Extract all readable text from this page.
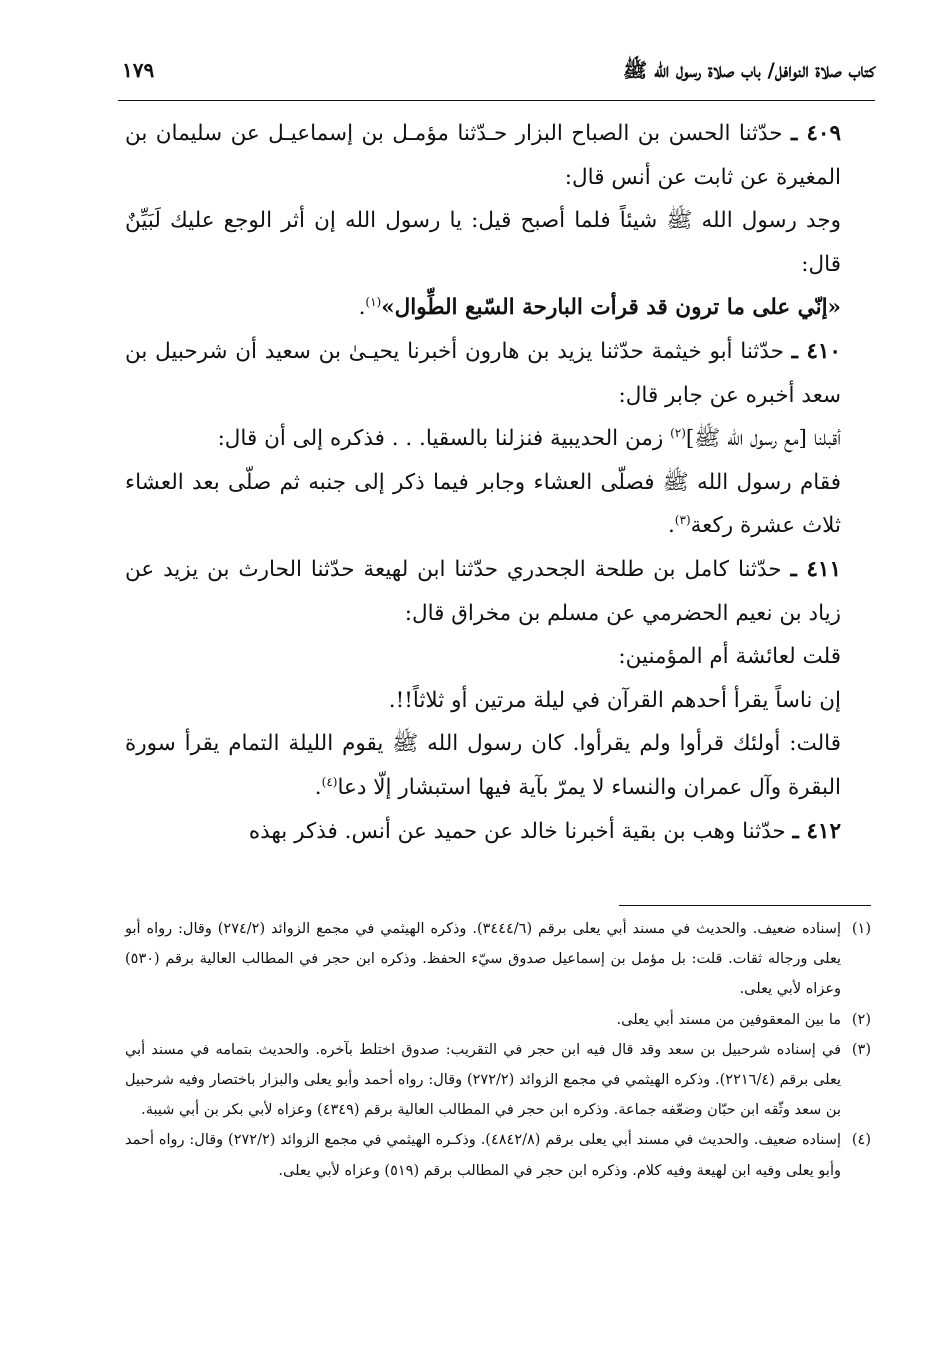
كتاب صلاة النوافل/ باب صلاة رسول الله ﷺ
١٧٩

٤٠٩ ـ حدّثنا الحسن بن الصباح البزار حـدّثنا مؤمـل بن إسماعيـل عن سليمان بن المغيرة عن ثابت عن أنس قال:

وجد رسول الله ﷺ شيئاً فلما أصبح قيل: يا رسول الله إن أثر الوجع عليك لَبَيِّنٌ قال:

«إنّي على ما ترون قد قرأت البارحة السّبع الطِّوال»$^{(١)}$.

٤١٠ ـ حدّثنا أبو خيثمة حدّثنا يزيد بن هارون أخبرنا يحيـىٰ بن سعيد أن شرحبيل بن سعد أخبره عن جابر قال:

أقبلنا [مع رسول الله ﷺ]$^{(٢)}$ زمن الحديبية فنزلنا بالسقيا. . . فذكره إلى أن قال:

فقام رسول الله ﷺ فصلّى العشاء وجابر فيما ذكر إلى جنبه ثم صلّى بعد العشاء ثلاث عشرة ركعة$^{(٣)}$.

٤١١ ـ حدّثنا كامل بن طلحة الجحدري حدّثنا ابن لهيعة حدّثنا الحارث بن يزيد عن زياد بن نعيم الحضرمي عن مسلم بن مخراق قال:

قلت لعائشة أم المؤمنين:

إن ناساً يقرأ أحدهم القرآن في ليلة مرتين أو ثلاثاً!!.

قالت: أولئك قرأوا ولم يقرأوا. كان رسول الله ﷺ يقوم الليلة التمام يقرأ سورة البقرة وآل عمران والنساء لا يمرّ بآية فيها استبشار إلّا دعا$^{(٤)}$.

٤١٢ ـ حدّثنا وهب بن بقية أخبرنا خالد عن حميد عن أنس. فذكر بهذه

(١)إسناده ضعيف. والحديث في مسند أبي يعلى برقم (٣٤٤٤/٦). وذكره الهيثمي في مجمع الزوائد (٢٧٤/٢) وقال: رواه أبو يعلى ورجاله ثقات. قلت: بل مؤمل بن إسماعيل صدوق سيّء الحفظ. وذكره ابن حجر في المطالب العالية برقم (٥٣٠) وعزاه لأبي يعلى.

(٢)ما بين المعقوفين من مسند أبي يعلى.

(٣)في إسناده شرحبيل بن سعد وقد قال فيه ابن حجر في التقريب: صدوق اختلط بآخره. والحديث بتمامه في مسند أبي يعلى برقم (٢٢١٦/٤). وذكره الهيثمي في مجمع الزوائد (٢٧٢/٢) وقال: رواه أحمد وأبو يعلى والبزار باختصار وفيه شرحبيل بن سعد وثّقه ابن حبّان وضعّفه جماعة. وذكره ابن حجر في المطالب العالية برقم (٤٣٤٩) وعزاه لأبي بكر بن أبي شيبة.

(٤)إسناده ضعيف. والحديث في مسند أبي يعلى برقم (٤٨٤٢/٨). وذكـره الهيثمي في مجمع الزوائد (٢٧٢/٢) وقال: رواه أحمد وأبو يعلى وفيه ابن لهيعة وفيه كلام. وذكره ابن حجر في المطالب برقم (٥١٩) وعزاه لأبي يعلى.
